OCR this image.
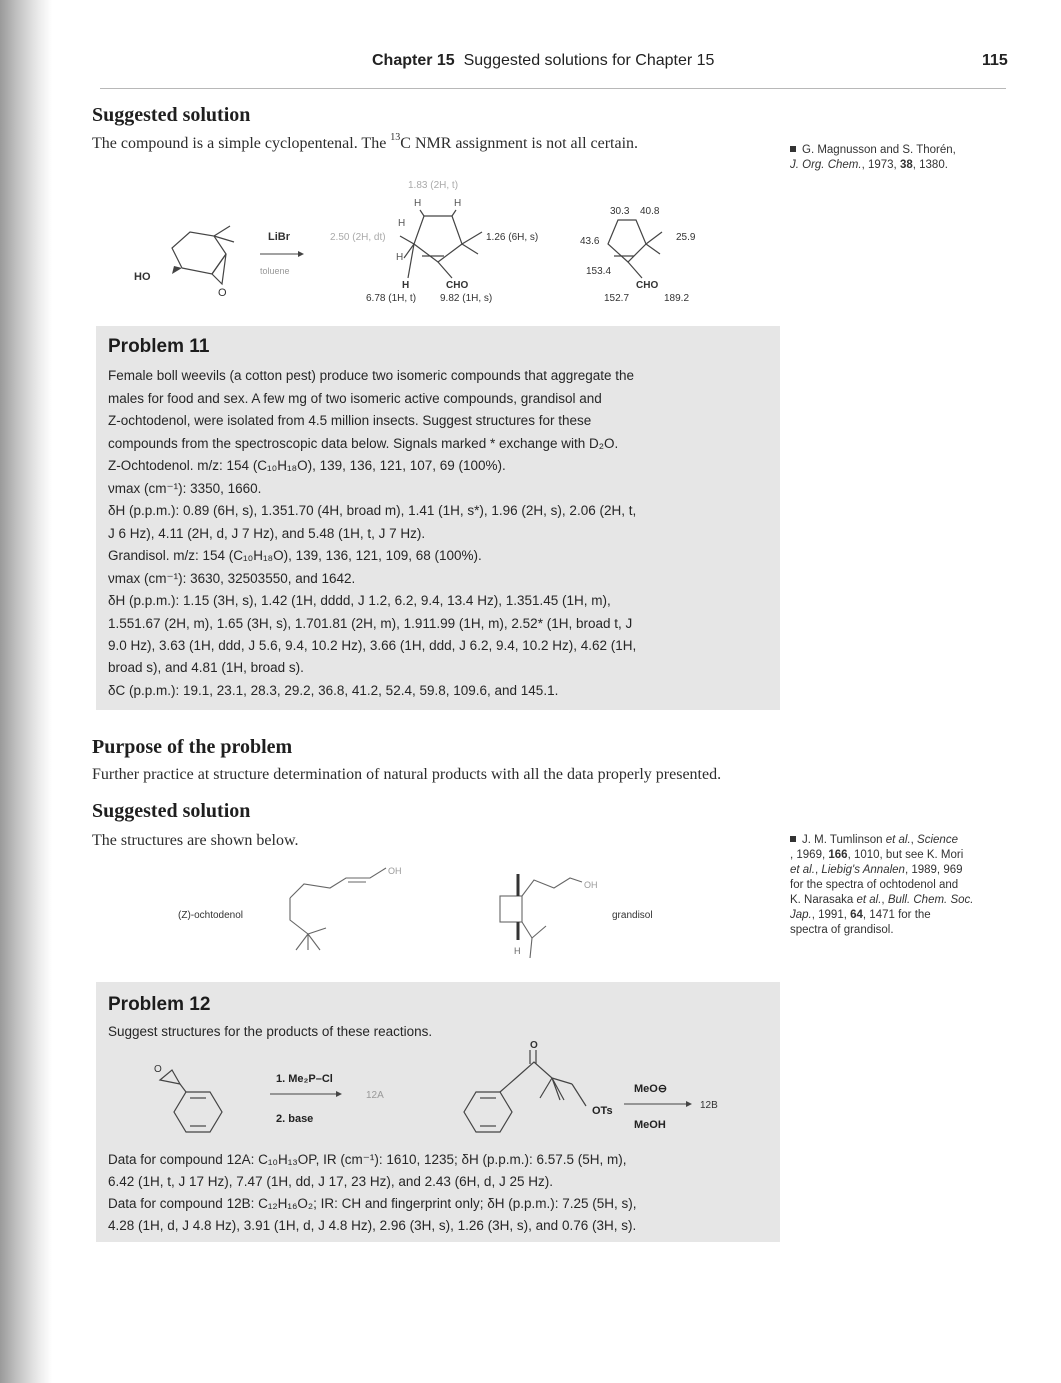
Chapter 15 Suggested solutions for Chapter 15	115
Suggested solution

The compound is a simple cyclopentenal. The $^{13}$C NMR assignment is not all certain.	G. Magnusson and S. Thorén,
J. Org. Chem., 1973, 38, 1380.
HO
O
LiBr
toluene
1.83 (2H, t)
H	H
2.50 (2H, dt)
H
H
1.26 (6H, s)
H	CHO
6.78 (1H, t) 9.82 (1H, s)
30.3 40.8
43.6	25.9
153.4
CHO
152.7	189.2
Problem 11
Female boll weevils (a cotton pest) produce two isomeric compounds that aggregate the
males for food and sex. A few mg of two isomeric active compounds, grandisol and
Z-ochtodenol, were isolated from 4.5 million insects. Suggest structures for these
compounds from the spectroscopic data below. Signals marked * exchange with D₂O.
Z-Ochtodenol. m/z: 154 (C₁₀H₁₈O), 139, 136, 121, 107, 69 (100%).
νmax (cm⁻¹): 3350, 1660.
δH (p.p.m.): 0.89 (6H, s), 1.351.70 (4H, broad m), 1.41 (1H, s*), 1.96 (2H, s), 2.06 (2H, t,
J 6 Hz), 4.11 (2H, d, J 7 Hz), and 5.48 (1H, t, J 7 Hz).
Grandisol. m/z: 154 (C₁₀H₁₈O), 139, 136, 121, 109, 68 (100%).
νmax (cm⁻¹): 3630, 32503550, and 1642.
δH (p.p.m.): 1.15 (3H, s), 1.42 (1H, dddd, J 1.2, 6.2, 9.4, 13.4 Hz), 1.351.45 (1H, m),
1.551.67 (2H, m), 1.65 (3H, s), 1.701.81 (2H, m), 1.911.99 (1H, m), 2.52* (1H, broad t, J
9.0 Hz), 3.63 (1H, ddd, J 5.6, 9.4, 10.2 Hz), 3.66 (1H, ddd, J 6.2, 9.4, 10.2 Hz), 4.62 (1H,
broad s), and 4.81 (1H, broad s).
δC (p.p.m.): 19.1, 23.1, 28.3, 29.2, 36.8, 41.2, 52.4, 59.8, 109.6, and 145.1.
Purpose of the problem

Further practice at structure determination of natural products with all the data properly presented.

Suggested solution

The structures are shown below.	J. M. Tumlinson et al., Science
, 1969, 166, 1010, but see K. Mori
et al., Liebig's Annalen, 1989, 969
for the spectra of ochtodenol and
K. Narasaka et al., Bull. Chem. Soc.
Jap., 1991, 64, 1471 for the
spectra of grandisol.
(Z)-ochtodenol
OH
H
OH
grandisol
Problem 12
Suggest structures for the products of these reactions.
O
1. Me₂P–Cl
2. base
12A
O
OTs
MeO⊖
MeOH
12B
Data for compound 12A: C₁₀H₁₃OP, IR (cm⁻¹): 1610, 1235; δH (p.p.m.): 6.57.5 (5H, m),
6.42 (1H, t, J 17 Hz), 7.47 (1H, dd, J 17, 23 Hz), and 2.43 (6H, d, J 25 Hz).
Data for compound 12B: C₁₂H₁₆O₂; IR: CH and fingerprint only; δH (p.p.m.): 7.25 (5H, s),
4.28 (1H, d, J 4.8 Hz), 3.91 (1H, d, J 4.8 Hz), 2.96 (3H, s), 1.26 (3H, s), and 0.76 (3H, s).
